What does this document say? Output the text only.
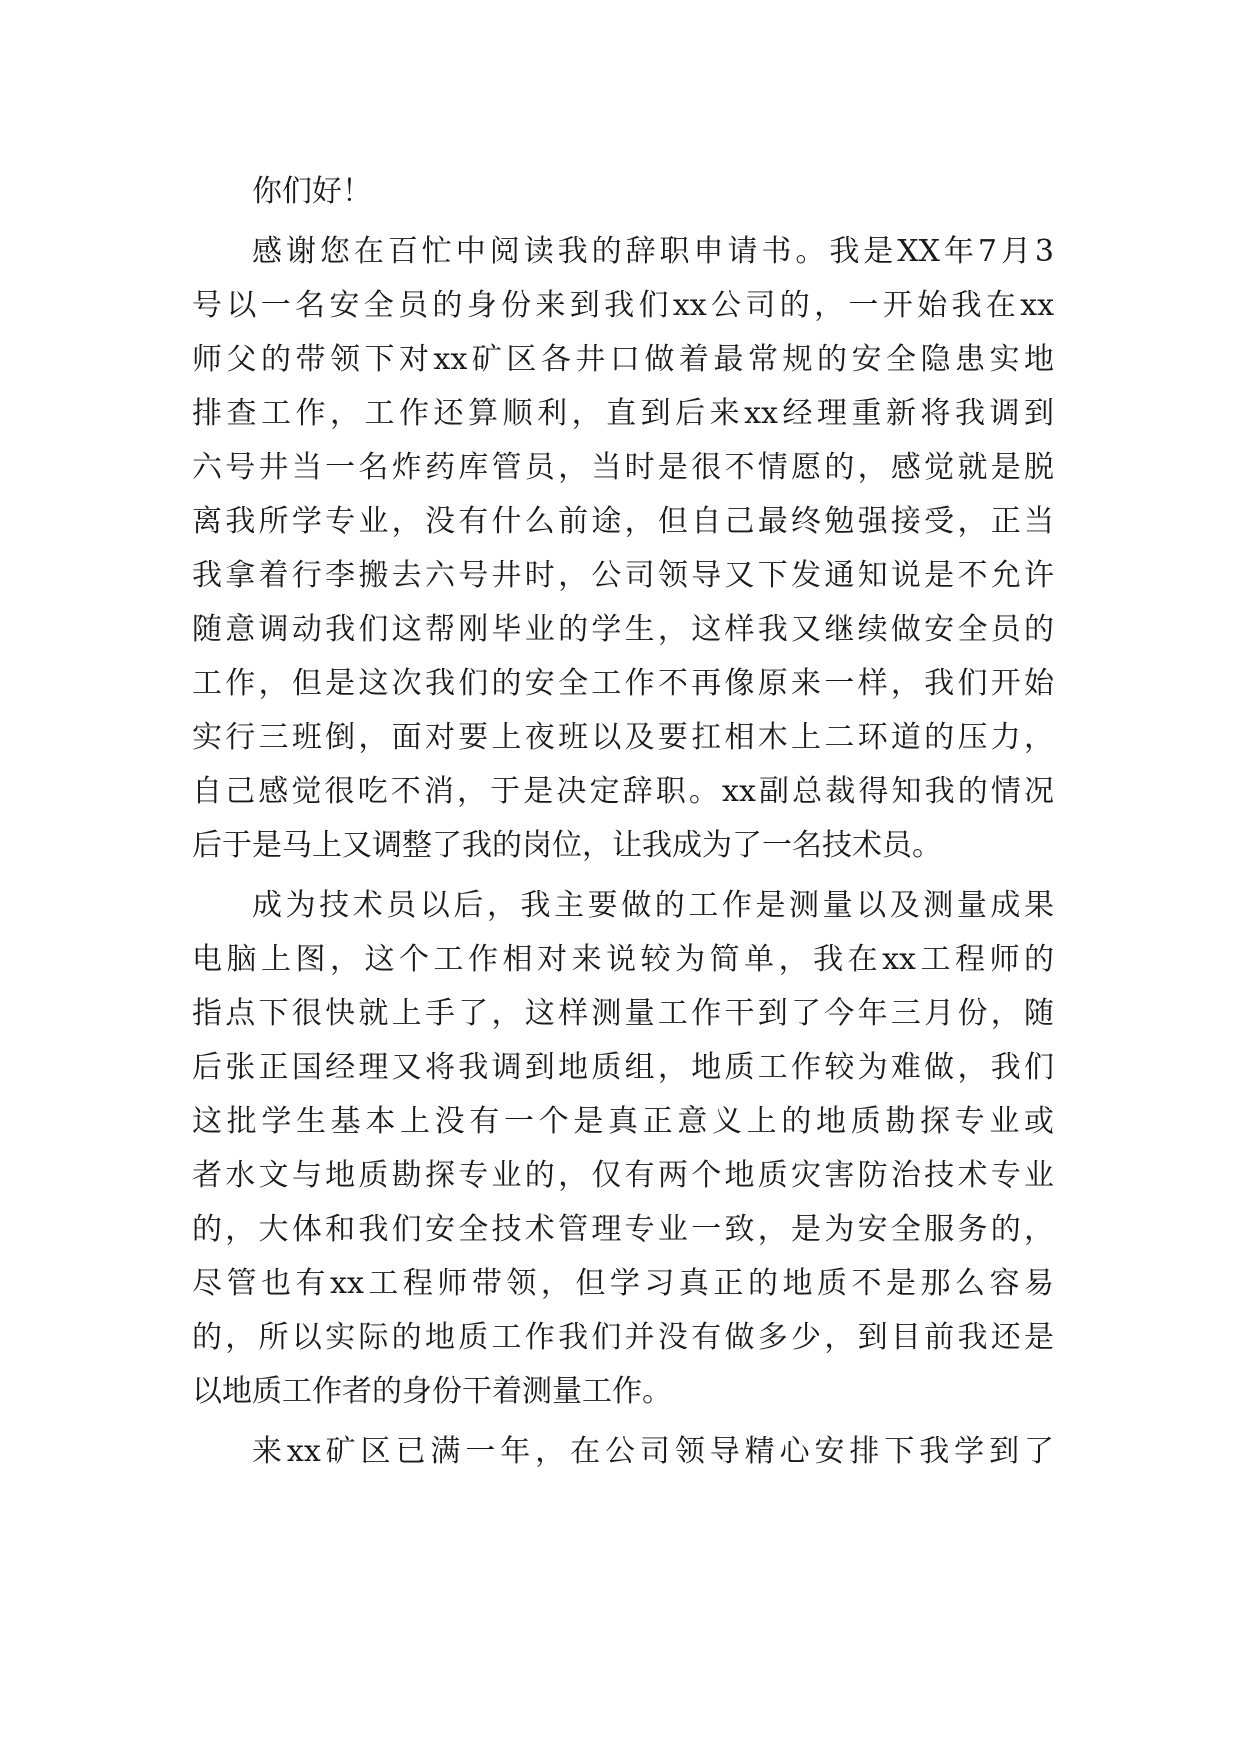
你们好！
感谢您在百忙中阅读我的辞职申请书。我是XX年7月3
号以一名安全员的身份来到我们xx公司的，一开始我在xx
师父的带领下对xx矿区各井口做着最常规的安全隐患实地
排查工作，工作还算顺利，直到后来xx经理重新将我调到
六号井当一名炸药库管员，当时是很不情愿的，感觉就是脱
离我所学专业，没有什么前途，但自己最终勉强接受，正当
我拿着行李搬去六号井时，公司领导又下发通知说是不允许
随意调动我们这帮刚毕业的学生，这样我又继续做安全员的
工作，但是这次我们的安全工作不再像原来一样，我们开始
实行三班倒，面对要上夜班以及要扛相木上二环道的压力，
自己感觉很吃不消，于是决定辞职。xx副总裁得知我的情况
后于是马上又调整了我的岗位，让我成为了一名技术员。
成为技术员以后，我主要做的工作是测量以及测量成果
电脑上图，这个工作相对来说较为简单，我在xx工程师的
指点下很快就上手了，这样测量工作干到了今年三月份，随
后张正国经理又将我调到地质组，地质工作较为难做，我们
这批学生基本上没有一个是真正意义上的地质勘探专业或
者水文与地质勘探专业的，仅有两个地质灾害防治技术专业
的，大体和我们安全技术管理专业一致，是为安全服务的，
尽管也有xx工程师带领，但学习真正的地质不是那么容易
的，所以实际的地质工作我们并没有做多少，到目前我还是
以地质工作者的身份干着测量工作。
来xx矿区已满一年，在公司领导精心安排下我学到了
